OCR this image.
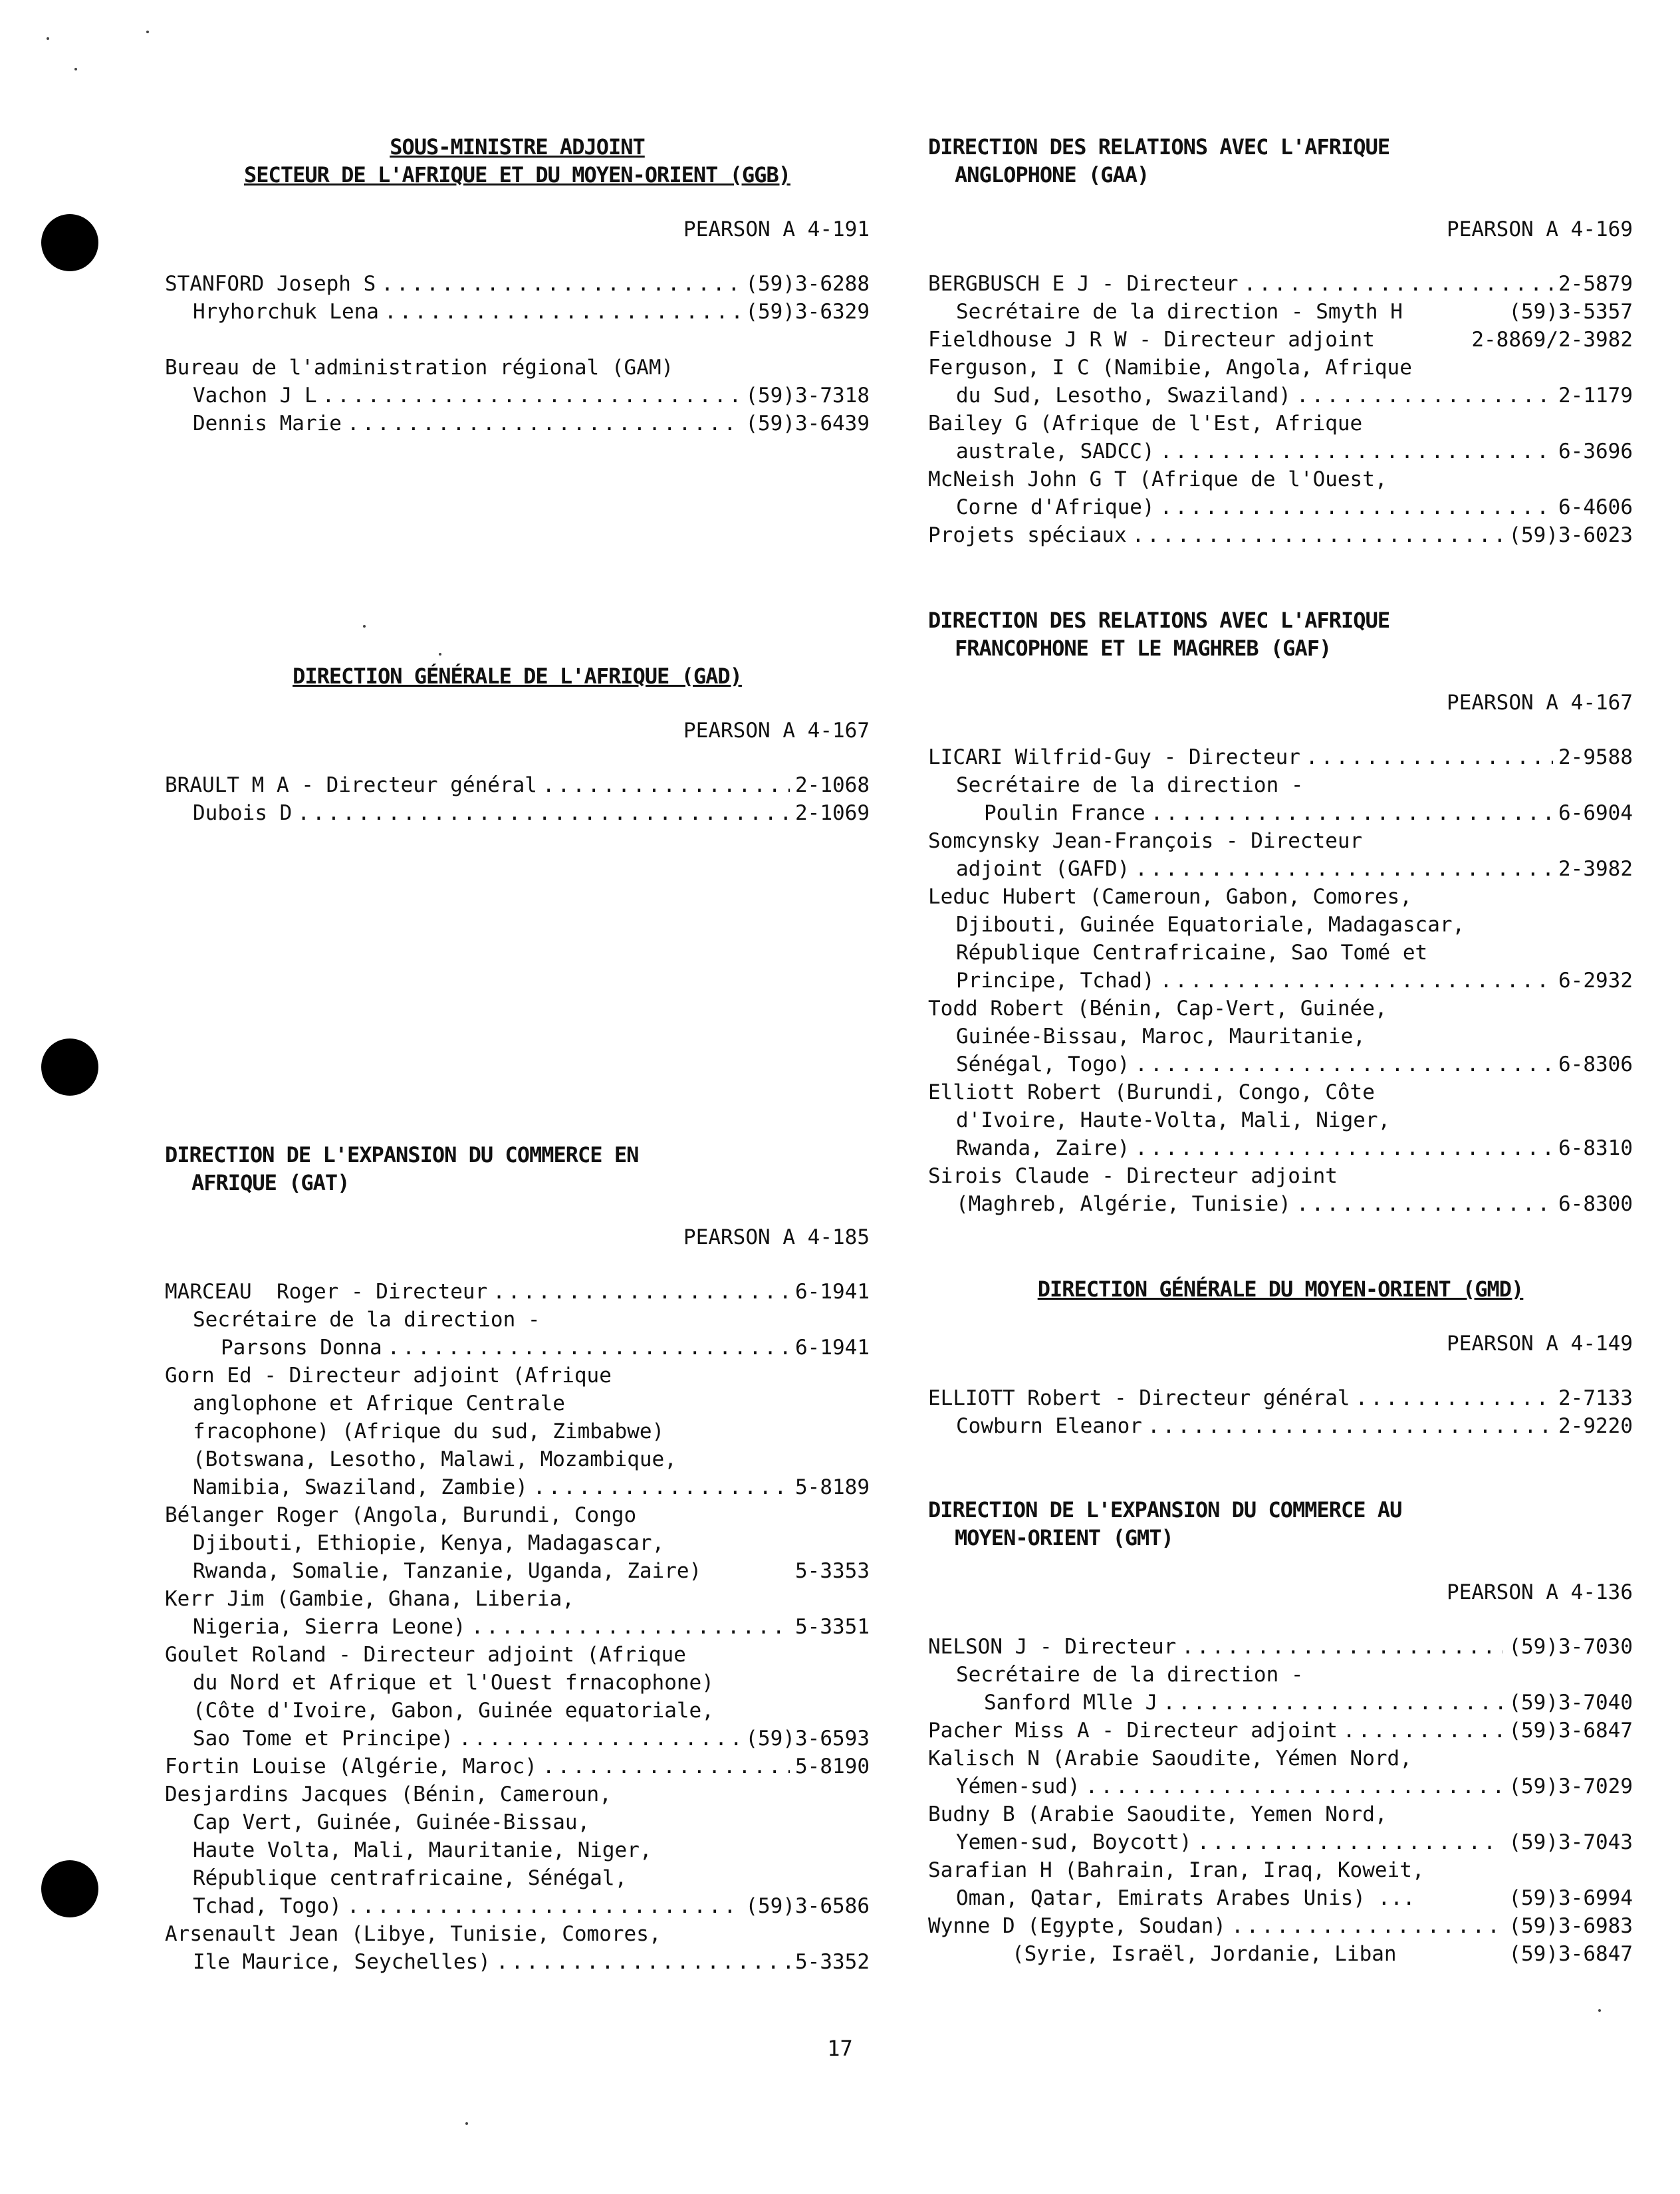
SOUS-MINISTRE ADJOINT
SECTEUR DE L'AFRIQUE ET DU MOYEN-ORIENT (GGB)
PEARSON A 4-191
STANFORD Joseph S .....	(59)3-6288
Hryhorchuk Lena .....	(59)3-6329
Bureau de l'administration régional (GAM)
Vachon J L .....	(59)3-7318
Dennis Marie .....	(59)3-6439
DIRECTION GÉNÉRALE DE L'AFRIQUE (GAD)
PEARSON A 4-167
BRAULT M A - Directeur général .....	2-1068
Dubois D .....	2-1069
DIRECTION DE L'EXPANSION DU COMMERCE EN
AFRIQUE (GAT)
PEARSON A 4-185
MARCEAU  Roger - Directeur .....	6-1941
Secrétaire de la direction -
Parsons Donna .....	6-1941
Gorn Ed - Directeur adjoint (Afrique
anglophone et Afrique Centrale
fracophone) (Afrique du sud, Zimbabwe)
(Botswana, Lesotho, Malawi, Mozambique,
Namibia, Swaziland, Zambie) .....	5-8189
Bélanger Roger (Angola, Burundi, Congo
Djibouti, Ethiopie, Kenya, Madagascar,
Rwanda, Somalie, Tanzanie, Uganda, Zaire)	5-3353
Kerr Jim (Gambie, Ghana, Liberia,
Nigeria, Sierra Leone) .....	5-3351
Goulet Roland - Directeur adjoint (Afrique
du Nord et Afrique et l'Ouest frnacophone)
(Côte d'Ivoire, Gabon, Guinée equatoriale,
Sao Tome et Principe) .....	(59)3-6593
Fortin Louise (Algérie, Maroc) .....	5-8190
Desjardins Jacques (Bénin, Cameroun,
Cap Vert, Guinée, Guinée-Bissau,
Haute Volta, Mali, Mauritanie, Niger,
République centrafricaine, Sénégal,
Tchad, Togo) .....	(59)3-6586
Arsenault Jean (Libye, Tunisie, Comores,
Ile Maurice, Seychelles) .....	5-3352
DIRECTION DES RELATIONS AVEC L'AFRIQUE
ANGLOPHONE (GAA)
PEARSON A 4-169
BERGBUSCH E J - Directeur .....	2-5879
Secrétaire de la direction - Smyth H	(59)3-5357
Fieldhouse J R W - Directeur adjoint	2-8869/2-3982
Ferguson, I C (Namibie, Angola, Afrique
du Sud, Lesotho, Swaziland) .....	2-1179
Bailey G (Afrique de l'Est, Afrique
australe, SADCC) .....	6-3696
McNeish John G T (Afrique de l'Ouest,
Corne d'Afrique) .....	6-4606
Projets spéciaux .....	(59)3-6023
DIRECTION DES RELATIONS AVEC L'AFRIQUE
FRANCOPHONE ET LE MAGHREB (GAF)
PEARSON A 4-167
LICARI Wilfrid-Guy - Directeur .....	2-9588
Secrétaire de la direction -
Poulin France .....	6-6904
Somcynsky Jean-François - Directeur
adjoint (GAFD) .....	2-3982
Leduc Hubert (Cameroun, Gabon, Comores,
Djibouti, Guinée Equatoriale, Madagascar,
République Centrafricaine, Sao Tomé et
Principe, Tchad) .....	6-2932
Todd Robert (Bénin, Cap-Vert, Guinée,
Guinée-Bissau, Maroc, Mauritanie,
Sénégal, Togo) .....	6-8306
Elliott Robert (Burundi, Congo, Côte
d'Ivoire, Haute-Volta, Mali, Niger,
Rwanda, Zaire) .....	6-8310
Sirois Claude - Directeur adjoint
(Maghreb, Algérie, Tunisie) .....	6-8300
DIRECTION GÉNÉRALE DU MOYEN-ORIENT (GMD)
PEARSON A 4-149
ELLIOTT Robert - Directeur général .....	2-7133
Cowburn Eleanor .....	2-9220
DIRECTION DE L'EXPANSION DU COMMERCE AU
MOYEN-ORIENT (GMT)
PEARSON A 4-136
NELSON J - Directeur .....	(59)3-7030
Secrétaire de la direction -
Sanford Mlle J .....	(59)3-7040
Pacher Miss A - Directeur adjoint .....	(59)3-6847
Kalisch N (Arabie Saoudite, Yémen Nord,
Yémen-sud) .....	(59)3-7029
Budny B (Arabie Saoudite, Yemen Nord,
Yemen-sud, Boycott) .....	(59)3-7043
Sarafian H (Bahrain, Iran, Iraq, Koweit,
Oman, Qatar, Emirats Arabes Unis) ...	(59)3-6994
Wynne D (Egypte, Soudan) .....	(59)3-6983
(Syrie, Israël, Jordanie, Liban	(59)3-6847
17
